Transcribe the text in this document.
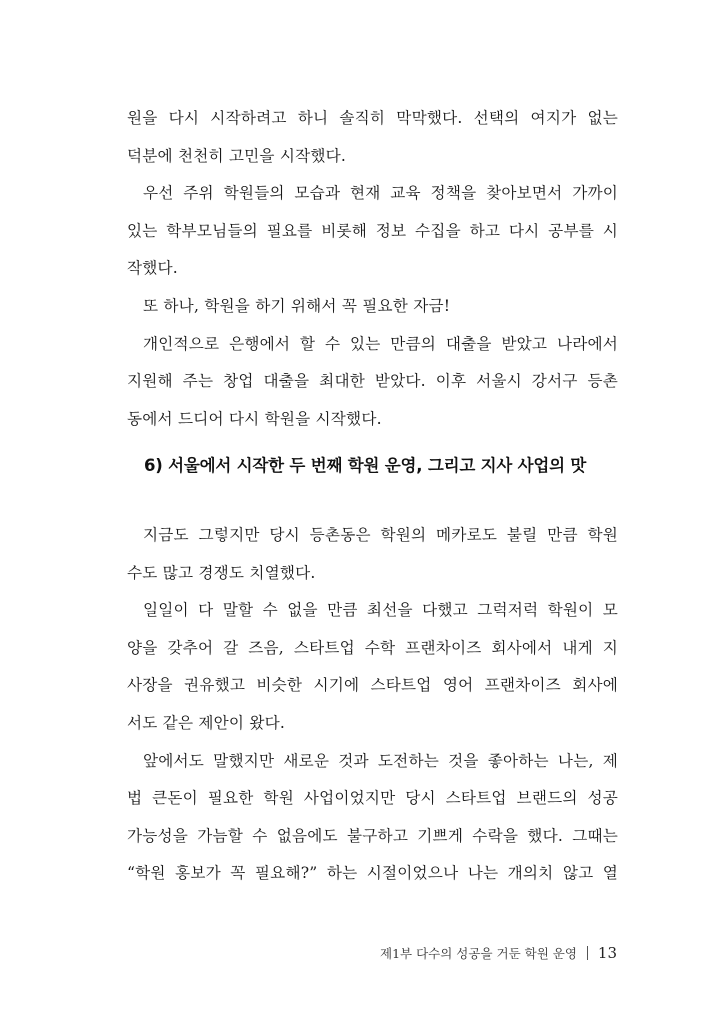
원을 다시 시작하려고 하니 솔직히 막막했다. 선택의 여지가 없는
덕분에 천천히 고민을 시작했다.
우선 주위 학원들의 모습과 현재 교육 정책을 찾아보면서 가까이
있는 학부모님들의 필요를 비롯해 정보 수집을 하고 다시 공부를 시
작했다.
또 하나, 학원을 하기 위해서 꼭 필요한 자금!
개인적으로 은행에서 할 수 있는 만큼의 대출을 받았고 나라에서
지원해 주는 창업 대출을 최대한 받았다. 이후 서울시 강서구 등촌
동에서 드디어 다시 학원을 시작했다.
6) 서울에서 시작한 두 번째 학원 운영, 그리고 지사 사업의 맛
지금도 그렇지만 당시 등촌동은 학원의 메카로도 불릴 만큼 학원
수도 많고 경쟁도 치열했다.
일일이 다 말할 수 없을 만큼 최선을 다했고 그럭저럭 학원이 모
양을 갖추어 갈 즈음, 스타트업 수학 프랜차이즈 회사에서 내게 지
사장을 권유했고 비슷한 시기에 스타트업 영어 프랜차이즈 회사에
서도 같은 제안이 왔다.
앞에서도 말했지만 새로운 것과 도전하는 것을 좋아하는 나는, 제
법 큰돈이 필요한 학원 사업이었지만 당시 스타트업 브랜드의 성공
가능성을 가늠할 수 없음에도 불구하고 기쁘게 수락을 했다. 그때는
“학원 홍보가 꼭 필요해?” 하는 시절이었으나 나는 개의치 않고 열
제1부 다수의 성공을 거둔 학원 운영 13
